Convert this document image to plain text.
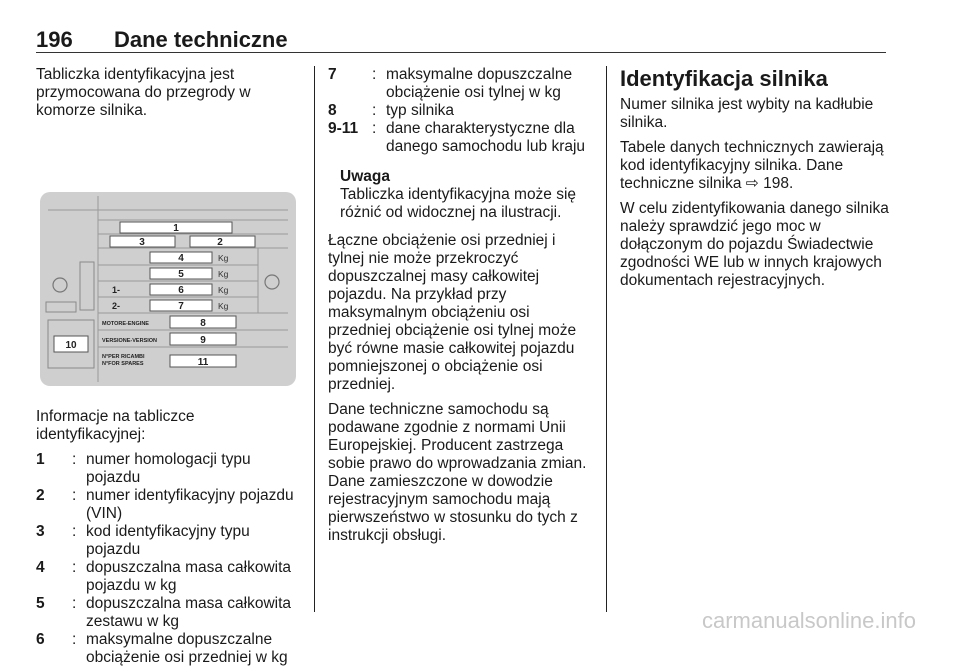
196 Dane techniczne

Tabliczka identyfikacyjna jest przymocowana do przegrody w komorze silnika.

1
2
3
4
5
6
7
8
9
10
11
Kg
Kg
Kg
Kg
1-
2-
MOTORE-ENGINE
VERSIONE-VERSION
N°PER RICAMBI
N°FOR SPARES

Informacje na tabliczce identyfikacyjnej:

1	: numer homologacji typu pojazdu
2	: numer identyfikacyjny pojazdu (VIN)
3	: kod identyfikacyjny typu pojazdu
4	: dopuszczalna masa całkowita pojazdu w kg
5	: dopuszczalna masa całkowita zestawu w kg
6	: maksymalne dopuszczalne obciążenie osi przedniej w kg
7	: maksymalne dopuszczalne obciążenie osi tylnej w kg
8	: typ silnika
9-11 : dane charakterystyczne dla danego samochodu lub kraju
Uwaga
Tabliczka identyfikacyjna może się różnić od widocznej na ilustracji.

Łączne obciążenie osi przedniej i tylnej nie może przekroczyć dopuszczalnej masy całkowitej pojazdu. Na przykład przy maksymalnym obciążeniu osi przedniej obciążenie osi tylnej może być równe masie całkowitej pojazdu pomniejszonej o obciążenie osi przedniej.

Dane techniczne samochodu są podawane zgodnie z normami Unii Europejskiej. Producent zastrzega sobie prawo do wprowadzania zmian. Dane zamieszczone w dowodzie rejestracyjnym samochodu mają pierwszeństwo w stosunku do tych z instrukcji obsługi.

Identyfikacja silnika

Numer silnika jest wybity na kadłubie silnika.

Tabele danych technicznych zawierają kod identyfikacyjny silnika. Dane techniczne silnika ⇨ 198.

W celu zidentyfikowania danego silnika należy sprawdzić jego moc w dołączonym do pojazdu Świadectwie zgodności WE lub w innych krajowych dokumentach rejestracyjnych.

carmanualsonline.info
